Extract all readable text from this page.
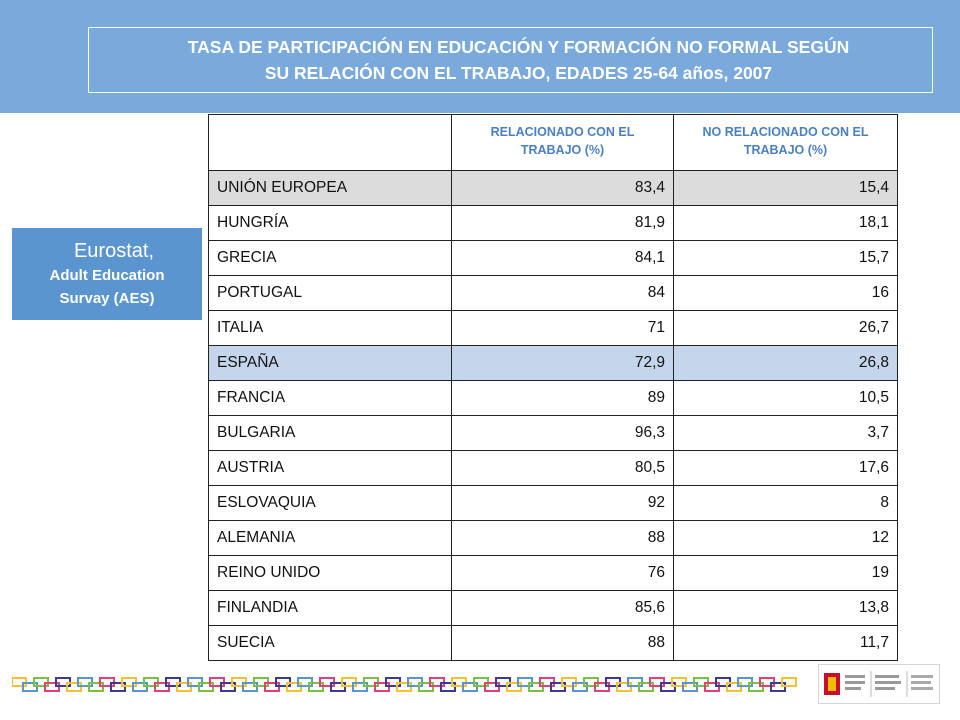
TASA DE PARTICIPACIÓN EN EDUCACIÓN Y FORMACIÓN NO FORMAL SEGÚN
SU RELACIÓN CON EL TRABAJO, EDADES 25-64 años, 2007
Eurostat,
Adult Education
Survay (AES)
	RELACIONADO CON EL TRABAJO (%)	NO RELACIONADO CON EL TRABAJO (%)
UNIÓN EUROPEA	83,4	15,4
HUNGRÍA	81,9	18,1
GRECIA	84,1	15,7
PORTUGAL	84	16
ITALIA	71	26,7
ESPAÑA	72,9	26,8
FRANCIA	89	10,5
BULGARIA	96,3	3,7
AUSTRIA	80,5	17,6
ESLOVAQUIA	92	8
ALEMANIA	88	12
REINO UNIDO	76	19
FINLANDIA	85,6	13,8
SUECIA	88	11,7
